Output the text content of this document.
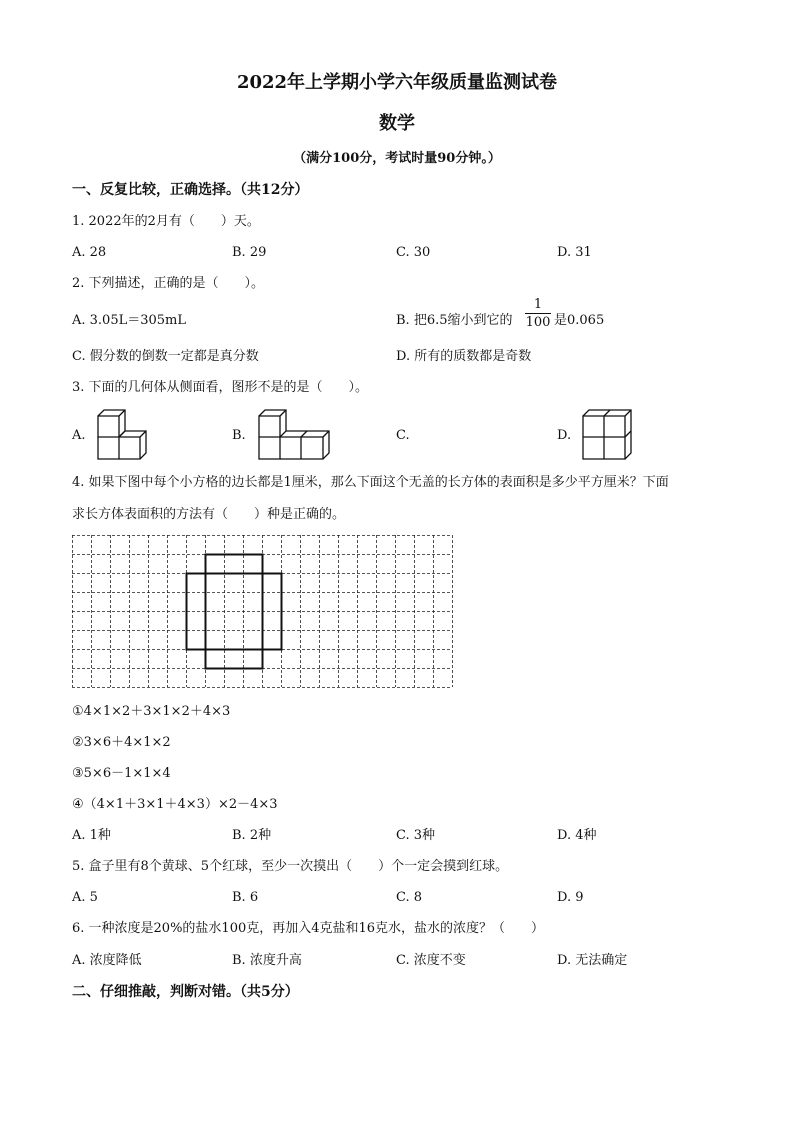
2022年上学期小学六年级质量监测试卷
数学
（满分100分，考试时量90分钟。）
一、反复比较，正确选择。（共12分）
1. 2022年的2月有（　　）天。
A. 28	B. 29	C. 30	D. 31
2. 下列描述，正确的是（　　）。
A. 3.05L＝305mL	B. 把6.5缩小到它的
1
100 是0.065
C. 假分数的倒数一定都是真分数	D. 所有的质数都是奇数
3. 下面的几何体从侧面看，图形不是的是（　　）。
A.	B.	C.	D.
4. 如果下图中每个小方格的边长都是1厘米，那么下面这个无盖的长方体的表面积是多少平方厘米？下面
求长方体表面积的方法有（　　）种是正确的。
①4×1×2＋3×1×2＋4×3
②3×6＋4×1×2
③5×6－1×1×4
④（4×1＋3×1＋4×3）×2－4×3
A. 1种	B. 2种	C. 3种	D. 4种
5. 盒子里有8个黄球、5个红球，至少一次摸出（　　）个一定会摸到红球。
A. 5	B. 6	C. 8	D. 9
6. 一种浓度是20%的盐水100克，再加入4克盐和16克水，盐水的浓度？（　　）
A. 浓度降低	B. 浓度升高	C. 浓度不变	D. 无法确定
二、仔细推敲，判断对错。（共5分）
